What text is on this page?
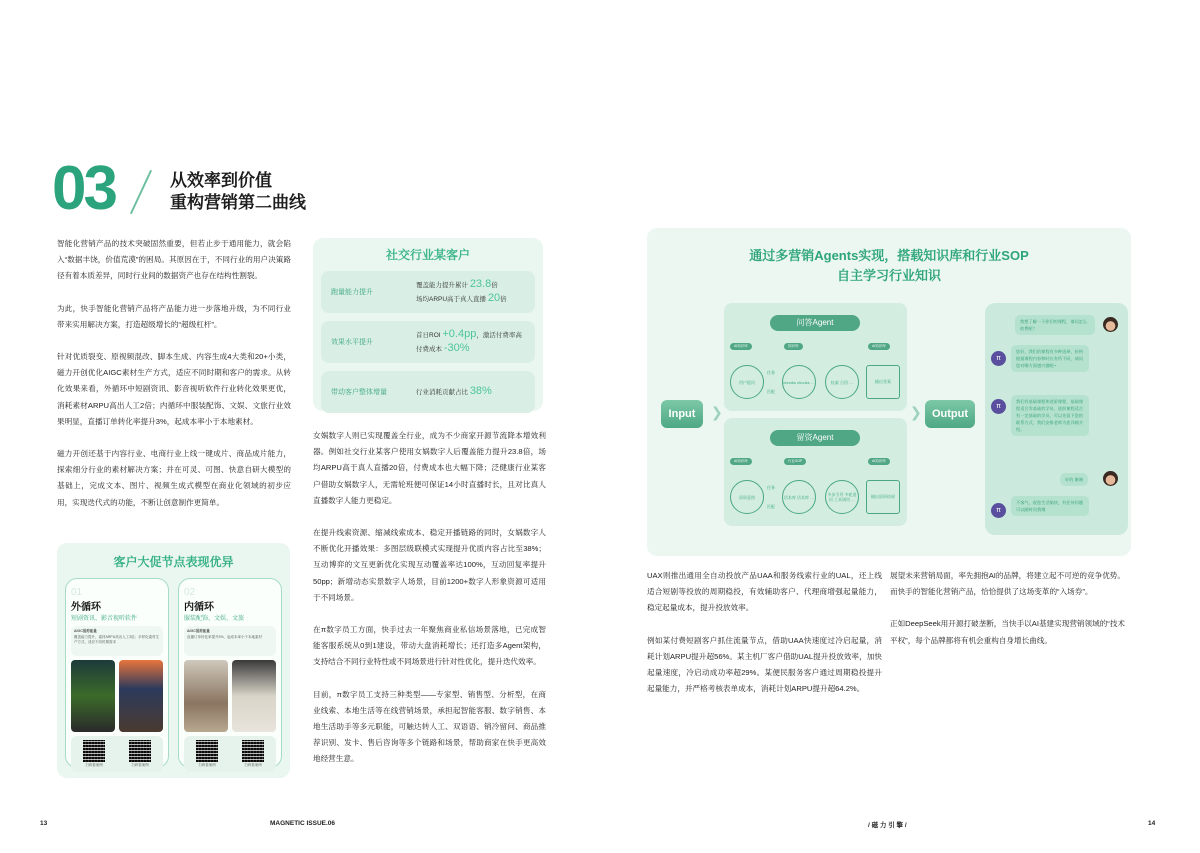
03	从效率到价值
重构营销第二曲线

智能化营销产品的技术突破固然重要，但若止步于通用能力，就会陷入“数据丰饶，价值荒漠”的困局。其原因在于，不同行业的用户决策路径有着本质差异，同时行业间的数据资产也存在结构性割裂。

为此，快手智能化营销产品将产品能力进一步落地升级，为不同行业带来实用解决方案，打造超级增长的“超级杠杆”。

针对优质裂变、原视频混改、脚本生成、内容生成4大类和20+小类，磁力开创优化AIGC素材生产方式，适应不同时期和客户的需求。从转化效果来看，外循环中短剧资讯、影音视听软件行业转化效果更优，消耗素材ARPU高出人工2倍；内循环中服装配饰、文娱、文旅行业效果明显，直播订单转化率提升3%，起成本率小于本地素材。

磁力开创还基于内容行业、电商行业上线一键成片、商品成片能力，探索细分行业的素材解决方案；并在可灵、可图、快意自研大模型的基础上，完成文本、图片、视频生成式模型在商业化领域的初步应用，实现迭代式的功能，不断让创意制作更简单。

社交行业某客户
跑量能力提升
覆盖能力提升累计 23.8倍
场均ARPU高于真人直播 20倍
效果水平提升
首日ROI +0.4pp，激活付费率高
付费成本 -30%
带动客户整体增量	行业消耗贡献占比 38%

女娲数字人则已实现覆盖全行业，成为不少商家开源节流降本增效利器。例如社交行业某客户使用女娲数字人后覆盖能力提升23.8倍，场均ARPU高于真人直播20倍，付费成本也大幅下降；泛健康行业某客户借助女娲数字人，无需轮班便可保证14小时直播时长，且对比真人直播数字人能力更稳定。

在提升线索资源、缩减线索成本、稳定开播链路的同时，女娲数字人不断优化开播效果：多图层级联模式实现提升优质内容占比至38%；互动博弈的文互更新优化实现互动覆盖率达100%，互动回复率提升50pp；新增动态实景数字人场景，目前1200+数字人形象资源可适用于不同场景。

在π数字员工方面，快手过去一年聚焦商业私信场景落地，已完成智能客服系统从0到1建设，带动大盘消耗增长；还打造多Agent架构，支持结合不同行业特性或不同场景进行针对性优化，提升迭代效率。

目前，π数字员工支持三种类型——专家型、销售型、分析型，在商业线索、本地生活等在线营销场景，承担起智能客服、数字销售、本地生活助手等多元职能，可触达转人工、双语语、销冷留问、商品推荐识别、发卡、售后咨询等多个链路和场景，帮助商家在快手更高效地经营生意。

客户大促节点表现优异
01
外循环
短剧资讯、影音视听软件
AIGC混剪能量
覆盖能力提升，素材ARPU高出人工2倍；多样化素材生产方式，适应不同时期需求
扫码看案例	扫码看案例
02
内循环
服装配饰、文娱、文旅
AIGC混剪能量
直播订单转化率提升3%，起成本率小于本地素材
扫码看案例	扫码看案例
通过多营销Agents实现，搭载知识库和行业SOP
自主学习行业知识
Input	❯	❯ Output
问答Agent
AI知识库	知识库	AI知识库
用户提问
任务
匹配
chunks chunks …	检索 召回 …	输出答案
留资Agent
AI知识库	行业SOP	AI知识库
留资意图
任务
匹配
话术库 话术库 …	多步引导 多轮追问 工具调用 …
输出留资结果
我想了解一下你们的课程，请问怎么收费呢？
π
您好，我们的课程有多种选择，价格根据课程内容和时长有所不同，请问您对哪方面感兴趣呢~
π
我们有基础课程和进阶课程，基础课程适合零基础的学员，进阶课程适合有一定基础的学员，可以先留下您的联系方式，我们安排老师为您详细介绍。
好的 谢谢
π
不客气，祝您生活愉快，有任何问题可以随时问我哦

UAX则推出通用全自动投放产品UAA和服务线索行业的UAL，还上线适合短剧等投放的周期稳投，有效辅助客户、代理商增强起量能力，稳定起量成本，提升投放效率。

例如某付费短剧客户抓住流量节点，借助UAA快速度过冷启起量，消耗计划ARPU提升超56%。某主机厂客户借助UAL提升投放效率，加快起量速度，冷启动成功率超29%。某便民服务客户通过周期稳投提升起量能力，并严格考核表单成本，消耗计划ARPU提升超64.2%。

展望未来营销局面，率先拥抱AI的品牌，将建立起不可逆的竞争优势。而快手的智能化营销产品，恰恰提供了这场变革的“入场券”。

正如DeepSeek用开源打破垄断，当快手以AI基建实现营销领域的“技术平权”，每个品牌都将有机会重构自身增长曲线。

13	MAGNETIC ISSUE.06	/ 磁 力 引 擎 /	14
